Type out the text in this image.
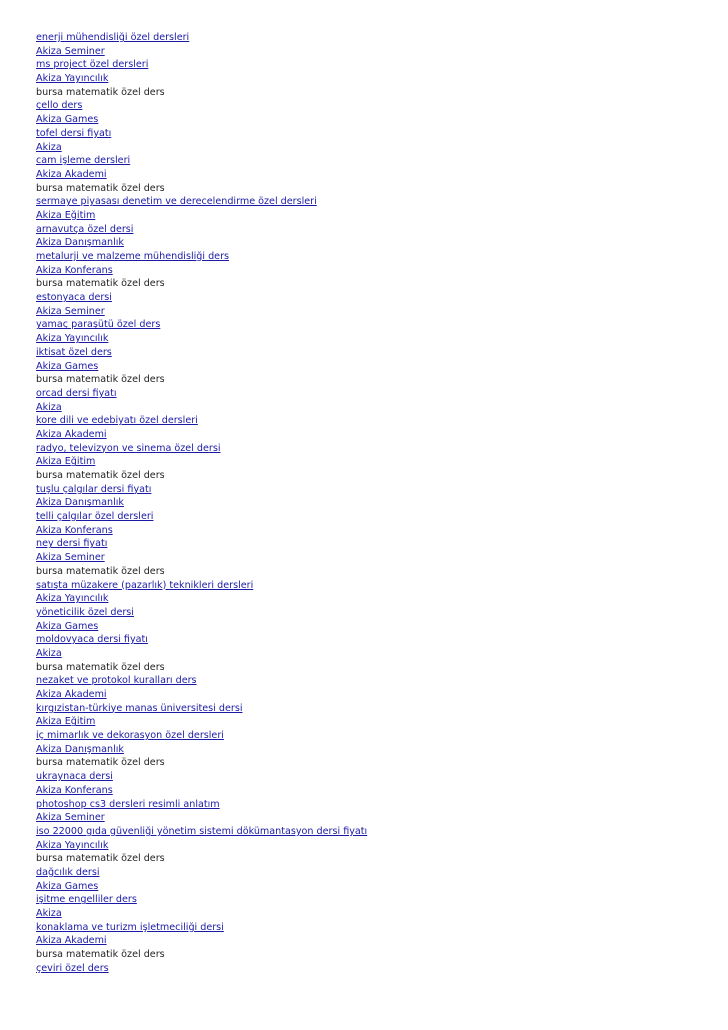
enerji mühendisliği özel dersleri
Akiza Seminer
ms project özel dersleri
Akiza Yayıncılık
bursa matematik özel ders
çello ders
Akiza Games
tofel dersi fiyatı
Akiza
cam işleme dersleri
Akiza Akademi
bursa matematik özel ders
sermaye piyasası denetim ve derecelendirme özel dersleri
Akiza Eğitim
arnavutça özel dersi
Akiza Danışmanlık
metalurji ve malzeme mühendisliği ders
Akiza Konferans
bursa matematik özel ders
estonyaca dersi
Akiza Seminer
yamaç paraşütü özel ders
Akiza Yayıncılık
iktisat özel ders
Akiza Games
bursa matematik özel ders
orcad dersi fiyatı
Akiza
kore dili ve edebiyatı özel dersleri
Akiza Akademi
radyo, televizyon ve sinema özel dersi
Akiza Eğitim
bursa matematik özel ders
tuşlu çalgılar dersi fiyatı
Akiza Danışmanlık
telli çalgılar özel dersleri
Akiza Konferans
ney dersi fiyatı
Akiza Seminer
bursa matematik özel ders
satışta müzakere (pazarlık) teknikleri dersleri
Akiza Yayıncılık
yöneticilik özel dersi
Akiza Games
moldovyaca dersi fiyatı
Akiza
bursa matematik özel ders
nezaket ve protokol kuralları ders
Akiza Akademi
kırgızistan-türkiye manas üniversitesi dersi
Akiza Eğitim
iç mimarlık ve dekorasyon özel dersleri
Akiza Danışmanlık
bursa matematik özel ders
ukraynaca dersi
Akiza Konferans
photoshop cs3 dersleri resimli anlatım
Akiza Seminer
iso 22000 gıda güvenliği yönetim sistemi dökümantasyon dersi fiyatı
Akiza Yayıncılık
bursa matematik özel ders
dağcılık dersi
Akiza Games
işitme engelliler ders
Akiza
konaklama ve turizm işletmeciliği dersi
Akiza Akademi
bursa matematik özel ders
çeviri özel ders
